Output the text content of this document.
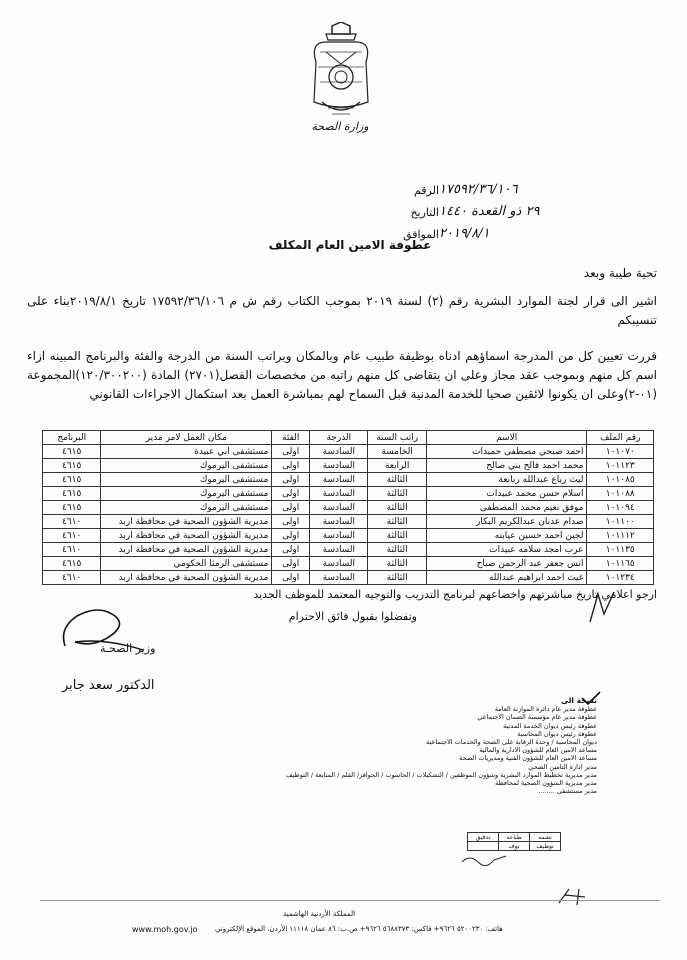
وزارة الصحة
الرقم ١٧٥٩٢/٣٦/١٠٦
التاريخ ٢٩ ذو القعدة ١٤٤٠
الموافق ٢٠١٩/٨/١
عطوفة الامين العام المكلف
تحية طيبة وبعد
اشير الى قرار لجنة الموارد البشرية رقم (٢) لسنة ٢٠١٩ بموجب الكتاب رقم ش م ١٧٥٩٢/٣٦/١٠٦ تاريخ ٢٠١٩/٨/١بناء على تنسيبكم
قررت تعيين كل من المدرجة اسماؤهم ادناه بوظيفة طبيب عام وبالمكان وبراتب السنة من الدرجة والفئة والبرنامج المبينه ازاء اسم كل منهم وبموجب عقد مجاز وعلى ان يتقاضى كل منهم راتبه من مخصصات الفصل(٢٧٠١) المادة (١٢٠/٣٠٠٢٠٠)المجموعة (٠١-٢)وعلى ان يكونوا لائقين صحيا للخدمة المدنية قبل السماح لهم بمباشرة العمل بعد استكمال الاجراءات القانوني
رقم الملف	الاسم	راتب السنة	الدرجة	الفئة	مكان العمل لامر مدير	البرنامج
١٠١٠٧٠	احمد صبحي مصطفى حميدات	الخامسة	السادسة	اولى	مستشفى ابي عبيدة	٤٦١٥
١٠١١٢٣	محمد احمد فالح بني صالح	الرابعة	السادسة	اولى	مستشفى اليرموك	٤٦١٥
١٠١٠٨٥	ليث رباع عبدالله ربابعة	الثالثة	السادسة	اولى	مستشفى اليرموك	٤٦١٥
١٠١٠٨٨	اسلام حسن محمد عبيدات	الثالثة	السادسة	اولى	مستشفى اليرموك	٤٦١٥
١٠١٠٩٤	موفق نعيم محمد المصطفى	الثالثة	السادسة	اولى	مستشفى اليرموك	٤٦١٥
١٠١١٠٠	صدام عدنان عبدالكريم البكار	الثالثة	السادسة	اولى	مديرية الشؤون الصحية في محافظة اربد	٤٦١٠
١٠١١١٢	لجين احمد حسين عيابنه	الثالثة	السادسة	اولى	مديرية الشؤون الصحية في محافظة اربد	٤٦١٠
١٠١١٣٥	عرب امجد سلامه عبيدات	الثالثة	السادسة	اولى	مديرية الشؤون الصحية في محافظة اربد	٤٦١٠
١٠١١٦٥	انس جعفر عبد الرحمن صباح	الثالثة	السادسة	اولى	مستشفى الرمثا الحكومي	٤٦١٥
١٠١٢٣٤	غيث احمد ابراهيم عبدالله	الثالثة	السادسة	اولى	مديرية الشؤون الصحية في محافظة اربد	٤٦١٠
ارجو اعلامي تاريخ مباشرتهم واخضاعهم لبرنامج التدريب والتوجيه المعتمد للموظف الجديد
وتفضلوا بقبول فائق الاحترام
وزير الصحـة
الدكتور سعد جابر
نسخة الى
عطوفة مدير عام دائرة الموازنة العامة
عطوفة مدير عام مؤسسة الضمان الاجتماعي
عطوفة رئيس ديوان الخدمة المدنية
عطوفة رئيس ديوان المحاسبة
ديوان المحاسبة / وحدة الرقابة على الصحة والخدمات الاجتماعية
مساعد الامين العام للشؤون الادارية والمالية
مساعد الامين العام للشؤون الفنية ومديريات الصحة
مدير ادارة التامين الصحي
مدير مديرية تخطيط الموارد البشرية وشؤون الموظفين / التشكيلات / الحاسوب / الحوافز/ القلم / المتابعة / التوظيف
مدير مديرية الشؤون الصحية لمحافظة
مدير مستشفى ........
نشمه	طباعه	تدقيق
توظيف	بوف	
المملكة الأردنية الهاشمية
هاتف: ٥٢٠٠٢٣٠ ٩٦٢٦+ فاكس: ٥٦٨٨٣٧٣ ٩٦٢٦+ ص.ب: ٨٦ عمان ١١١١٨ الأردن. الموقع الإلكتروني
www.moh.gov.jo
